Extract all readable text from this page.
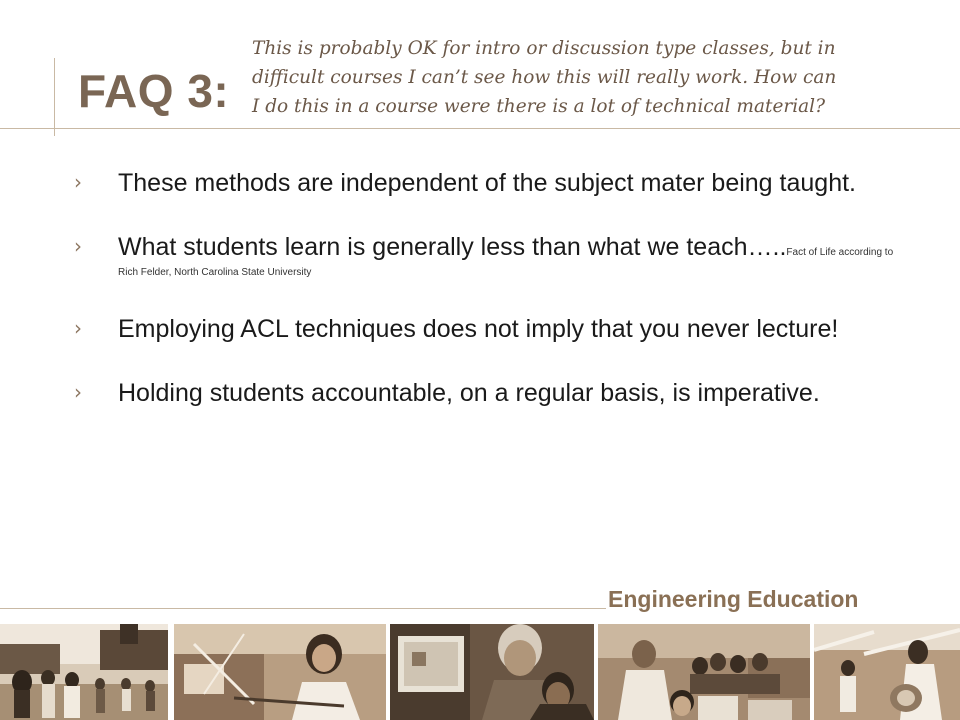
FAQ 3:
This is probably OK for intro or discussion type classes, but in
difficult courses I can’t see how this will really work. How can
I do this in a course were there is a lot of technical material?
› These methods are independent of the subject mater being taught.
› What students learn is generally less than what we teach…..Fact of Life according to Rich Felder, North Carolina State University
› Employing ACL techniques does not imply that you never lecture!
› Holding students accountable, on a regular basis, is imperative.
Engineering Education
